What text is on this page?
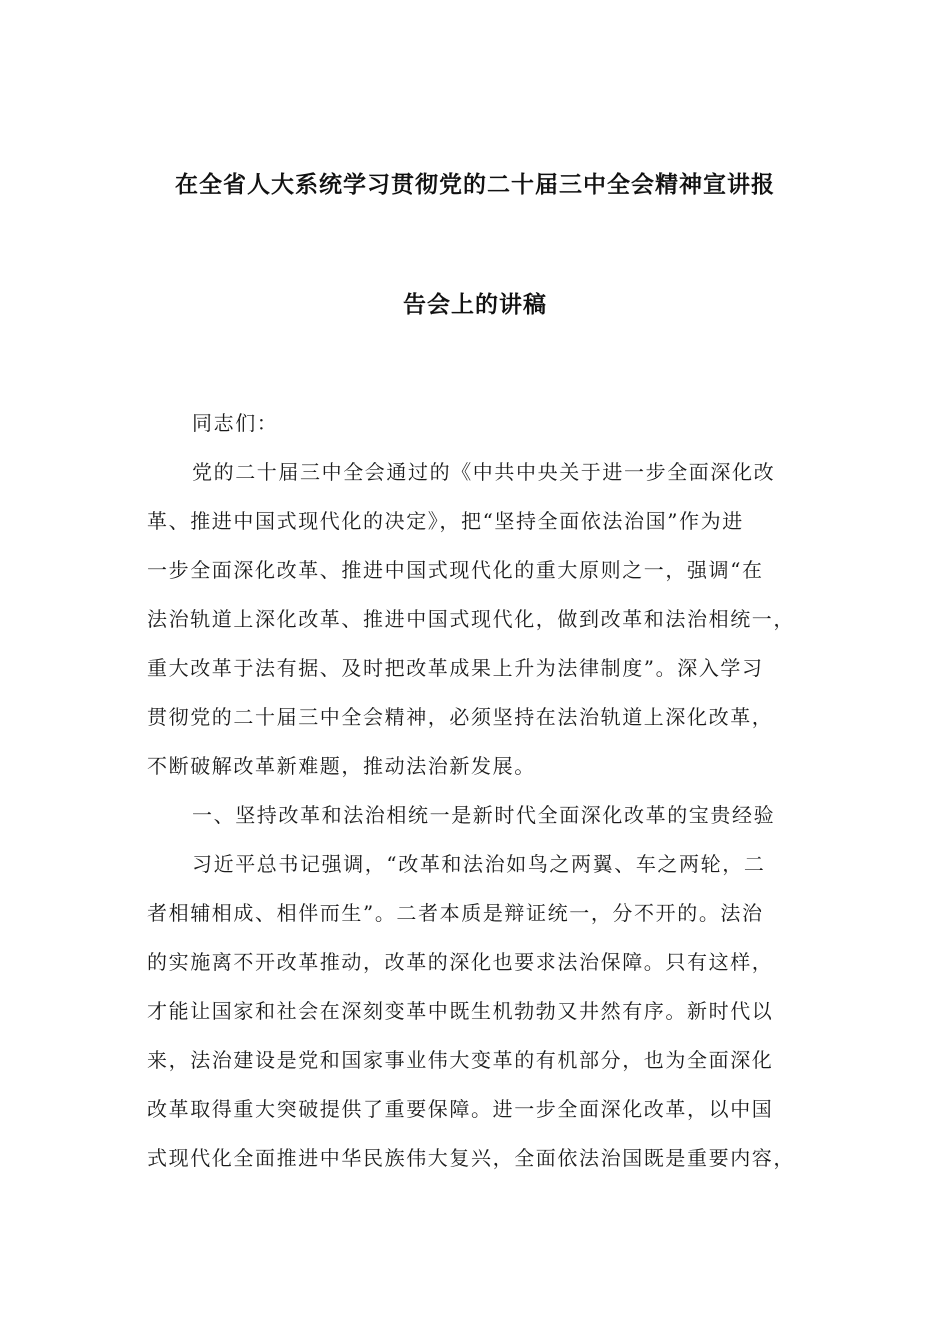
在全省人大系统学习贯彻党的二十届三中全会精神宣讲报
告会上的讲稿
同志们：
党的二十届三中全会通过的《中共中央关于进一步全面深化改
革、推进中国式现代化的决定》，把“坚持全面依法治国”作为进
一步全面深化改革、推进中国式现代化的重大原则之一，强调“在
法治轨道上深化改革、推进中国式现代化，做到改革和法治相统一，
重大改革于法有据、及时把改革成果上升为法律制度”。深入学习
贯彻党的二十届三中全会精神，必须坚持在法治轨道上深化改革，
不断破解改革新难题，推动法治新发展。
一、坚持改革和法治相统一是新时代全面深化改革的宝贵经验
习近平总书记强调，“改革和法治如鸟之两翼、车之两轮，二
者相辅相成、相伴而生”。二者本质是辩证统一，分不开的。法治
的实施离不开改革推动，改革的深化也要求法治保障。只有这样，
才能让国家和社会在深刻变革中既生机勃勃又井然有序。新时代以
来，法治建设是党和国家事业伟大变革的有机部分，也为全面深化
改革取得重大突破提供了重要保障。进一步全面深化改革，以中国
式现代化全面推进中华民族伟大复兴，全面依法治国既是重要内容，
